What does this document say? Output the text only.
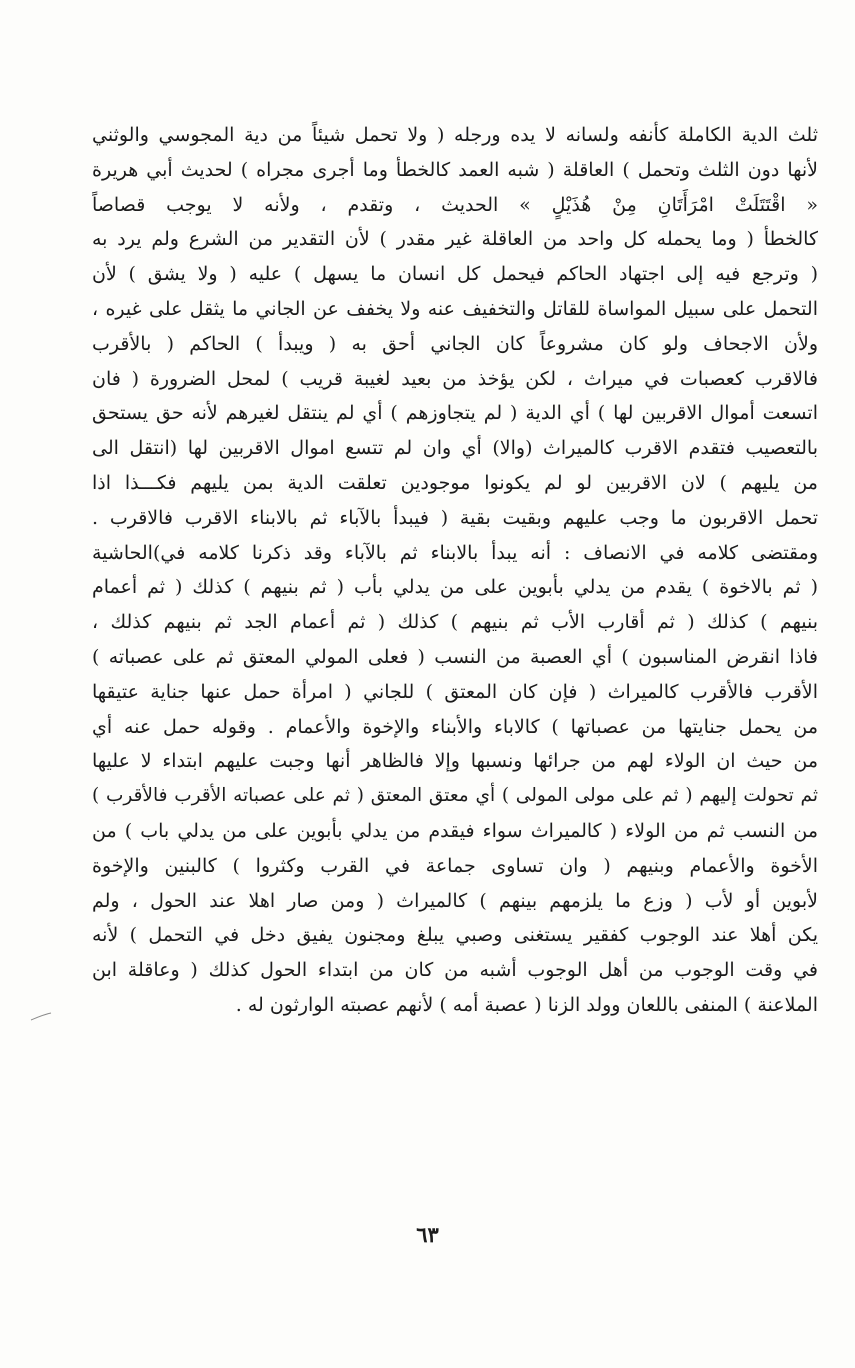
ثلث الدية الكاملة كأنفه ولسانه لا يده ورجله ( ولا تحمل شيئاً من دية المجوسي والوثني
لأنها دون الثلث وتحمل ) العاقلة ( شبه العمد كالخطأ وما أجرى مجراه ) لحديث أبي هريرة
« اقْتَتَلَتْ امْرَأَتَانِ مِنْ هُذَيْلٍ » الحديث ، وتقدم ، ولأنه لا يوجب قصاصاً
كالخطأ ( وما يحمله كل واحد من العاقلة غير مقدر ) لأن التقدير من الشرع ولم يرد به
( وترجع فيه إلى اجتهاد الحاكم فيحمل كل انسان ما يسهل ) عليه ( ولا يشق ) لأن
التحمل على سبيل المواساة للقاتل والتخفيف عنه ولا يخفف عن الجاني ما يثقل على غيره ،
ولأن الاجحاف ولو كان مشروعاً كان الجاني أحق به ( ويبدأ ) الحاكم ( بالأقرب
فالاقرب كعصبات في ميراث ، لكن يؤخذ من بعيد لغيبة قريب ) لمحل الضرورة ( فان
اتسعت أموال الاقربين لها ) أي الدية ( لم يتجاوزهم ) أي لم ينتقل لغيرهم لأنه حق يستحق
بالتعصيب فتقدم الاقرب كالميراث (والا) أي وان لم تتسع اموال الاقربين لها (انتقل الى
من يليهم ) لان الاقربين لو لم يكونوا موجودين تعلقت الدية بمن يليهم فكـــذا اذا
تحمل الاقربون ما وجب عليهم وبقيت بقية ( فيبدأ بالآباء ثم بالابناء الاقرب فالاقرب .
ومقتضى كلامه في الانصاف : أنه يبدأ بالابناء ثم بالآباء وقد ذكرنا كلامه في)الحاشية
( ثم بالاخوة ) يقدم من يدلي بأبوين على من يدلي بأب ( ثم بنيهم ) كذلك ( ثم أعمام
بنيهم ) كذلك ( ثم أقارب الأب ثم بنيهم ) كذلك ( ثم أعمام الجد ثم بنيهم كذلك ،
فاذا انقرض المناسبون ) أي العصبة من النسب ( فعلى المولي المعتق ثم على عصباته )
الأقرب فالأقرب كالميراث ( فإن كان المعتق ) للجاني ( امرأة حمل عنها جناية عتيقها
من يحمل جنايتها من عصباتها ) كالاباء والأبناء والإخوة والأعمام . وقوله حمل عنه أي
من حيث ان الولاء لهم من جرائها ونسبها وإلا فالظاهر أنها وجبت عليهم ابتداء لا عليها
ثم تحولت إليهم ( ثم على مولى المولى ) أي معتق المعتق ( ثم على عصباته الأقرب فالأقرب )
من النسب ثم من الولاء ( كالميراث سواء فيقدم من يدلي بأبوين على من يدلي باب ) من
الأخوة والأعمام وبنيهم ( وان تساوى جماعة في القرب وكثروا ) كالبنين والإخوة
لأبوين أو لأب ( وزع ما يلزمهم بينهم ) كالميراث ( ومن صار اهلا عند الحول ، ولم
يكن أهلا عند الوجوب كفقير يستغنى وصبي يبلغ ومجنون يفيق دخل في التحمل ) لأنه
في وقت الوجوب من أهل الوجوب أشبه من كان من ابتداء الحول كذلك ( وعاقلة ابن
الملاعنة ) المنفى باللعان وولد الزنا ( عصبة أمه ) لأنهم عصبته الوارثون له .
٦٣
